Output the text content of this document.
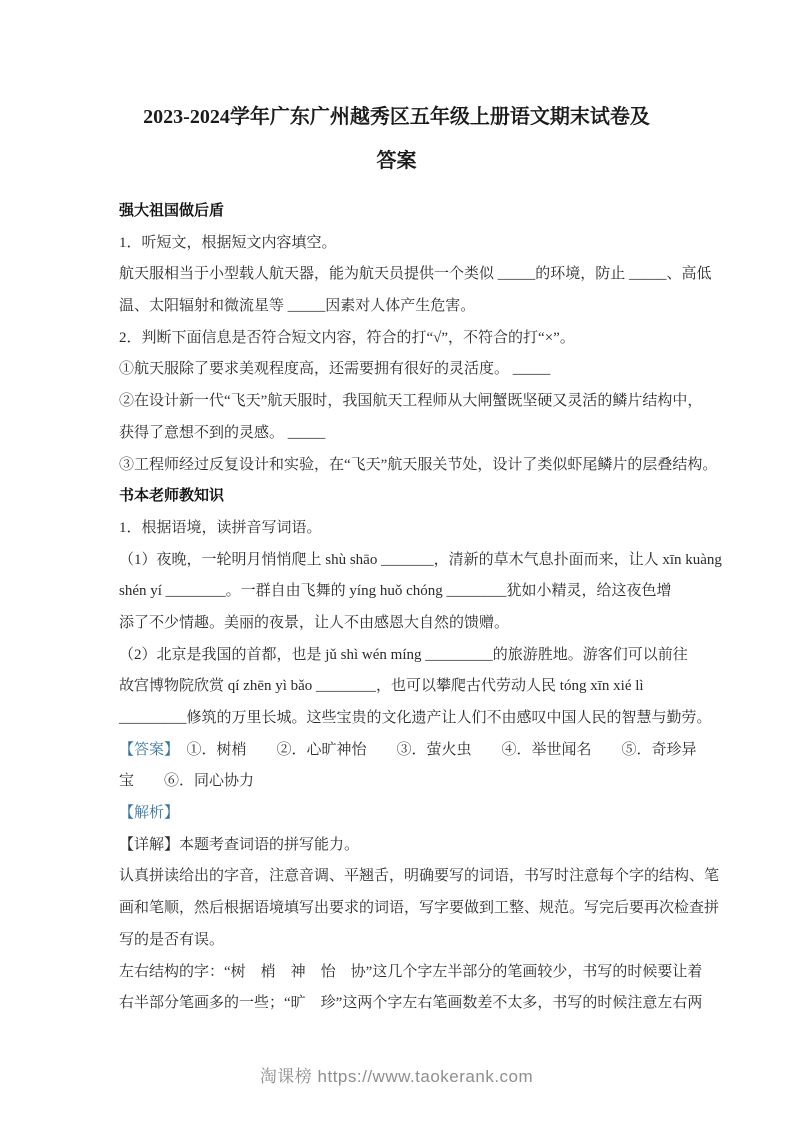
2023-2024学年广东广州越秀区五年级上册语文期末试卷及
答案
强大祖国做后盾
1．听短文，根据短文内容填空。
航天服相当于小型载人航天器，能为航天员提供一个类似 _____的环境，防止 _____、高低
温、太阳辐射和微流星等 _____因素对人体产生危害。
2．判断下面信息是否符合短文内容，符合的打“√”，不符合的打“×”。
①航天服除了要求美观程度高，还需要拥有很好的灵活度。 _____
②在设计新一代“飞天”航天服时，我国航天工程师从大闸蟹既坚硬又灵活的鳞片结构中，
获得了意想不到的灵感。 _____
③工程师经过反复设计和实验，在“飞天”航天服关节处，设计了类似虾尾鳞片的层叠结构。
书本老师教知识
1．根据语境，读拼音写词语。
（1）夜晚，一轮明月悄悄爬上 shù shāo _______，清新的草木气息扑面而来，让人 xīn kuàng
shén yí ________。一群自由飞舞的 yíng huǒ chóng ________犹如小精灵，给这夜色增
添了不少情趣。美丽的夜景，让人不由感恩大自然的馈赠。
（2）北京是我国的首都，也是 jǔ shì wén míng _________的旅游胜地。游客们可以前往
故宫博物院欣赏 qí zhēn yì bǎo ________，也可以攀爬古代劳动人民 tóng xīn xié lì
_________修筑的万里长城。这些宝贵的文化遗产让人们不由感叹中国人民的智慧与勤劳。
【答案】　①．树梢　　②．心旷神怡　　③．萤火虫　　④．举世闻名　　⑤．奇珍异
宝　　⑥．同心协力
【解析】
【详解】本题考查词语的拼写能力。
认真拼读给出的字音，注意音调、平翘舌，明确要写的词语，书写时注意每个字的结构、笔
画和笔顺，然后根据语境填写出要求的词语，写字要做到工整、规范。写完后要再次检查拼
写的是否有误。
左右结构的字：“树　梢　神　怡　协”这几个字左半部分的笔画较少，书写的时候要让着
右半部分笔画多的一些；“旷　珍”这两个字左右笔画数差不太多，书写的时候注意左右两
淘课榜 https://www.taokerank.com
